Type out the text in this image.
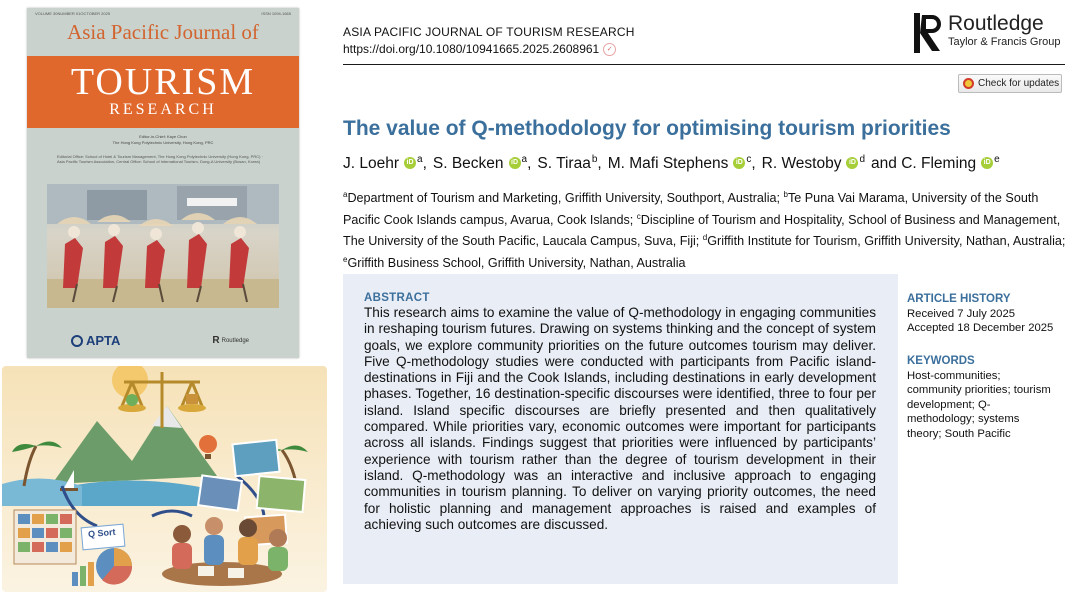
VOLUME 30 NUMBER 01 OCTOBER 2025	ISSN 1094-1665
Asia Pacific Journal of
TOURISM
RESEARCH
Editor-in-Chief: Kaye Chon
The Hong Kong Polytechnic University, Hong Kong, PRC
Editorial Office: School of Hotel & Tourism Management, The Hong Kong Polytechnic University (Hong Kong, PRC) · Asia Pacific Tourism Association, Central Office: School of International Tourism, Dong-A University (Busan, Korea)
APTA	R Routledge
Q Sort
ASIA PACIFIC JOURNAL OF TOURISM RESEARCH
https://doi.org/10.1080/10941665.2025.2608961	✓
Routledge
Taylor & Francis Group
Check for updates
The value of Q-methodology for optimising tourism priorities
J. Loehr iD $^a$, S. Becken iD $^a$, S. Tiraa$^b$, M. Mafi Stephens iD $^c$, R. Westoby iD $^d$ and C. Fleming iD $^e$
$^a$Department of Tourism and Marketing, Griffith University, Southport, Australia; $^b$Te Puna Vai Marama, University of the South Pacific Cook Islands campus, Avarua, Cook Islands; $^c$Discipline of Tourism and Hospitality, School of Business and Management, The University of the South Pacific, Laucala Campus, Suva, Fiji; $^d$Griffith Institute for Tourism, Griffith University, Nathan, Australia; $^e$Griffith Business School, Griffith University, Nathan, Australia
ABSTRACT
This research aims to examine the value of Q-methodology in engaging communities in reshaping tourism futures. Drawing on systems thinking and the concept of system goals, we explore community priorities on the future outcomes tourism may deliver. Five Q-methodology studies were conducted with participants from Pacific island-destinations in Fiji and the Cook Islands, including destinations in early development phases. Together, 16 destination-specific discourses were identified, three to four per island. Island specific discourses are briefly presented and then qualitatively compared. While priorities vary, economic outcomes were important for participants across all islands. Findings suggest that priorities were influenced by participants’ experience with tourism rather than the degree of tourism development in their island. Q-methodology was an interactive and inclusive approach to engaging communities in tourism planning. To deliver on varying priority outcomes, the need for holistic planning and management approaches is raised and examples of achieving such outcomes are discussed.
ARTICLE HISTORY
Received 7 July 2025
Accepted 18 December 2025
KEYWORDS
Host-communities; community priorities; tourism development; Q-methodology; systems theory; South Pacific
